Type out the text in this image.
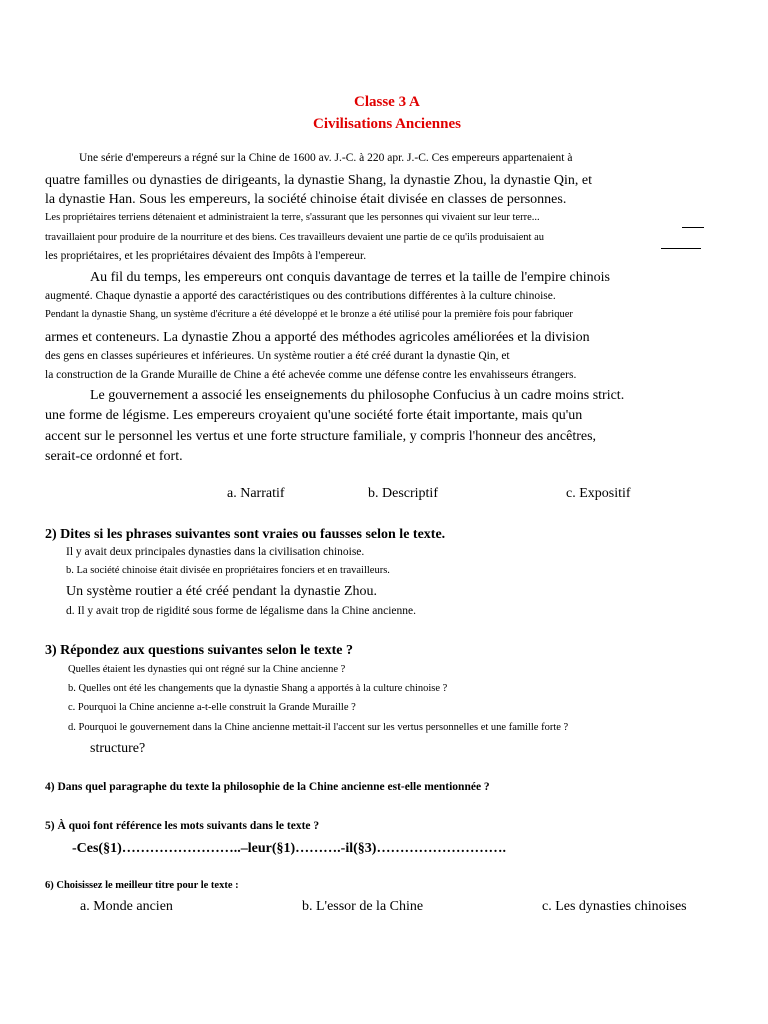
Classe 3 A
Civilisations Anciennes
Une série d'empereurs a régné sur la Chine de 1600 av. J.-C. à 220 apr. J.-C. Ces empereurs appartenaient à
quatre familles ou dynasties de dirigeants, la dynastie Shang, la dynastie Zhou, la dynastie Qin, et
la dynastie Han. Sous les empereurs, la société chinoise était divisée en classes de personnes.
Les propriétaires terriens détenaient et administraient la terre, s'assurant que les personnes qui vivaient sur leur terre...
travaillaient pour produire de la nourriture et des biens. Ces travailleurs devaient une partie de ce qu'ils produisaient au
les propriétaires, et les propriétaires dévaient des Impôts à l'empereur.
Au fil du temps, les empereurs ont conquis davantage de terres et la taille de l'empire chinois
augmenté. Chaque dynastie a apporté des caractéristiques ou des contributions différentes à la culture chinoise.
Pendant la dynastie Shang, un système d'écriture a été développé et le bronze a été utilisé pour la première fois pour fabriquer
armes et conteneurs. La dynastie Zhou a apporté des méthodes agricoles améliorées et la division
des gens en classes supérieures et inférieures. Un système routier a été créé durant la dynastie Qin, et
la construction de la Grande Muraille de Chine a été achevée comme une défense contre les envahisseurs étrangers.
Le gouvernement a associé les enseignements du philosophe Confucius à un cadre moins strict.
une forme de légisme. Les empereurs croyaient qu'une société forte était importante, mais qu'un
accent sur le personnel les vertus et une forte structure familiale, y compris l'honneur des ancêtres,
serait-ce ordonné et fort.
a. Narratif	b. Descriptif	c. Expositif
2) Dites si les phrases suivantes sont vraies ou fausses selon le texte.
Il y avait deux principales dynasties dans la civilisation chinoise.
b. La société chinoise était divisée en propriétaires fonciers et en travailleurs.
Un système routier a été créé pendant la dynastie Zhou.
d. Il y avait trop de rigidité sous forme de légalisme dans la Chine ancienne.
3) Répondez aux questions suivantes selon le texte ?
Quelles étaient les dynasties qui ont régné sur la Chine ancienne ?
b. Quelles ont été les changements que la dynastie Shang a apportés à la culture chinoise ?
c. Pourquoi la Chine ancienne a-t-elle construit la Grande Muraille ?
d. Pourquoi le gouvernement dans la Chine ancienne mettait-il l'accent sur les vertus personnelles et une famille forte ?
structure?
4) Dans quel paragraphe du texte la philosophie de la Chine ancienne est-elle mentionnée ?
5) À quoi font référence les mots suivants dans le texte ?
-Ces(§1)……………………..–leur(§1)……….-il(§3)……………………….
6) Choisissez le meilleur titre pour le texte :
a. Monde ancien	b. L'essor de la Chine	c. Les dynasties chinoises
